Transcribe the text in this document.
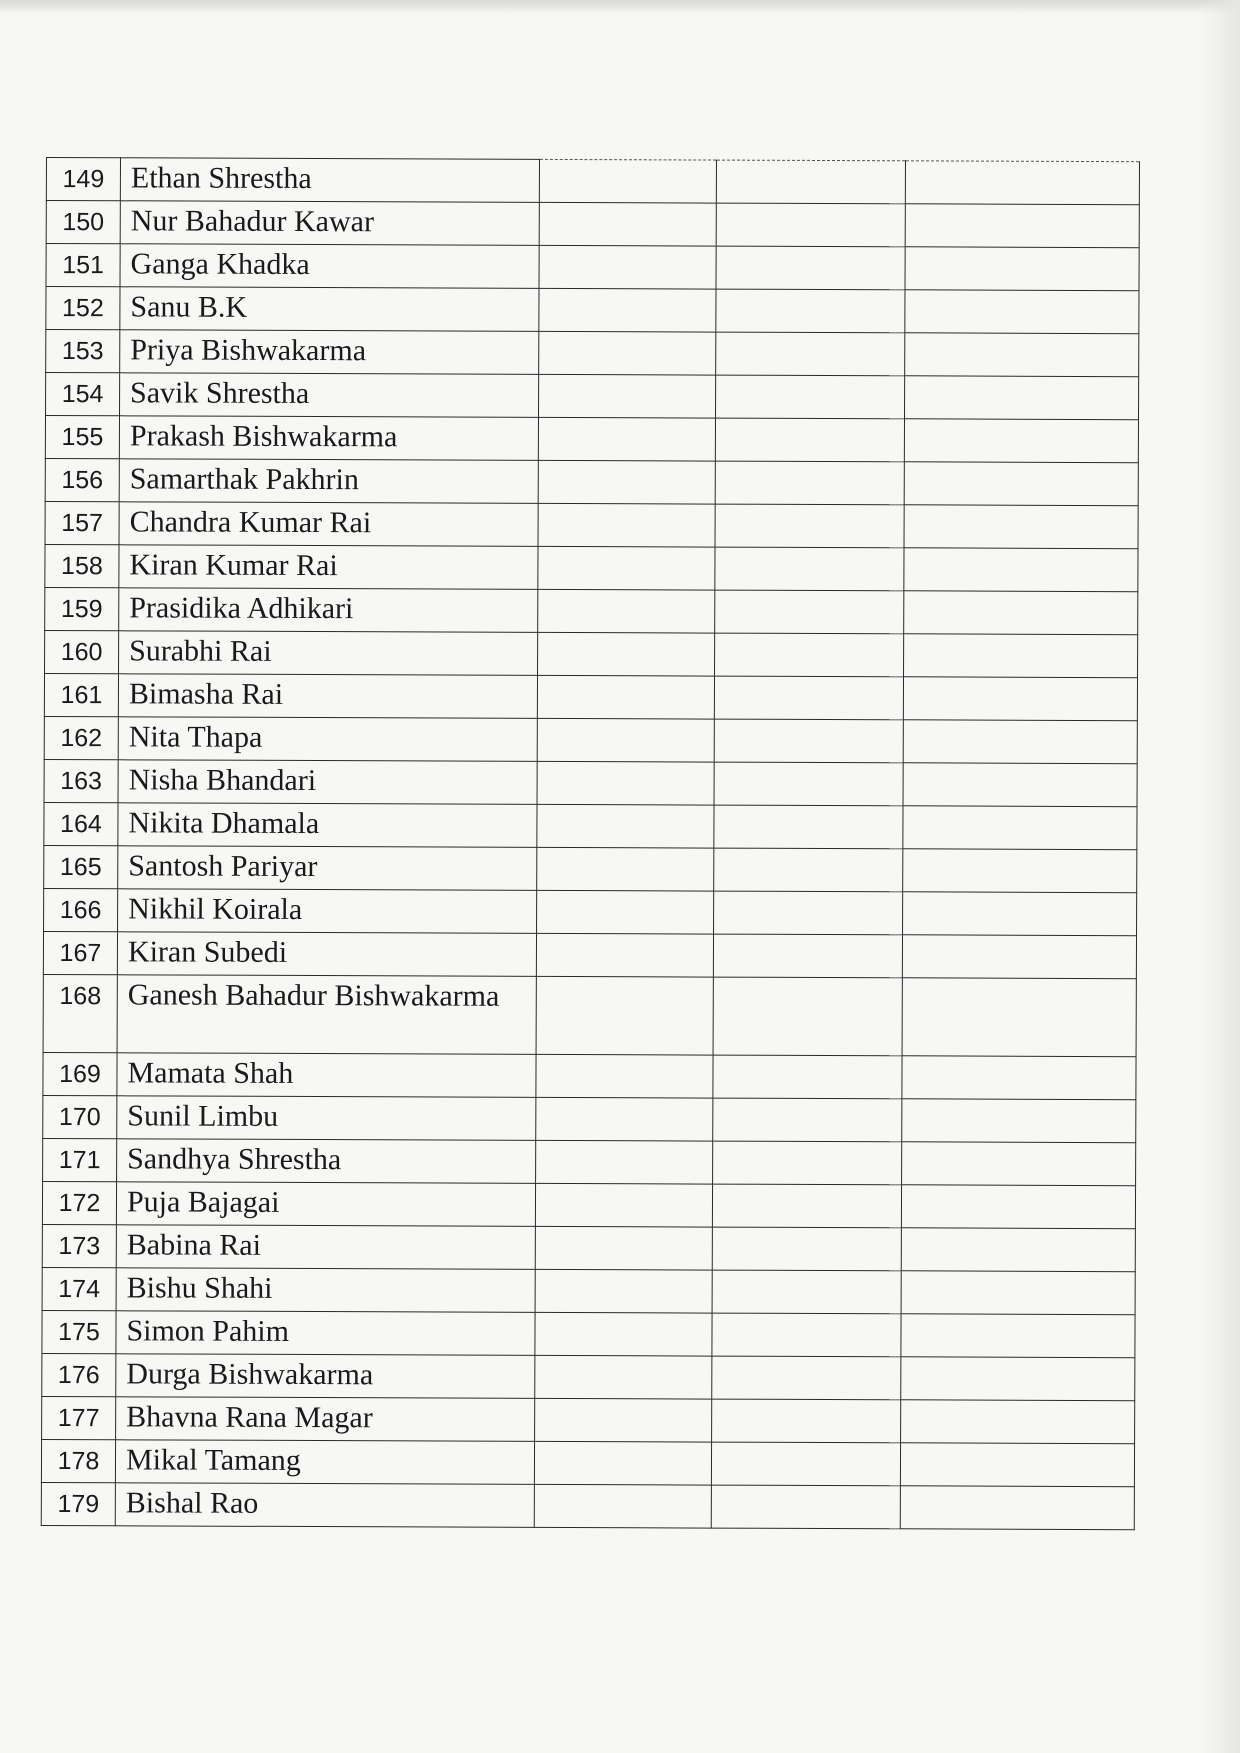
149	Ethan Shrestha			
150	Nur Bahadur Kawar			
151	Ganga Khadka			
152	Sanu B.K			
153	Priya Bishwakarma			
154	Savik Shrestha			
155	Prakash Bishwakarma			
156	Samarthak Pakhrin			
157	Chandra Kumar Rai			
158	Kiran Kumar Rai			
159	Prasidika Adhikari			
160	Surabhi Rai			
161	Bimasha Rai			
162	Nita Thapa			
163	Nisha Bhandari			
164	Nikita Dhamala			
165	Santosh Pariyar			
166	Nikhil Koirala			
167	Kiran Subedi			
168	Ganesh Bahadur Bishwakarma			
169	Mamata Shah			
170	Sunil Limbu			
171	Sandhya Shrestha			
172	Puja Bajagai			
173	Babina Rai			
174	Bishu Shahi			
175	Simon Pahim			
176	Durga Bishwakarma			
177	Bhavna Rana Magar			
178	Mikal Tamang			
179	Bishal Rao			
